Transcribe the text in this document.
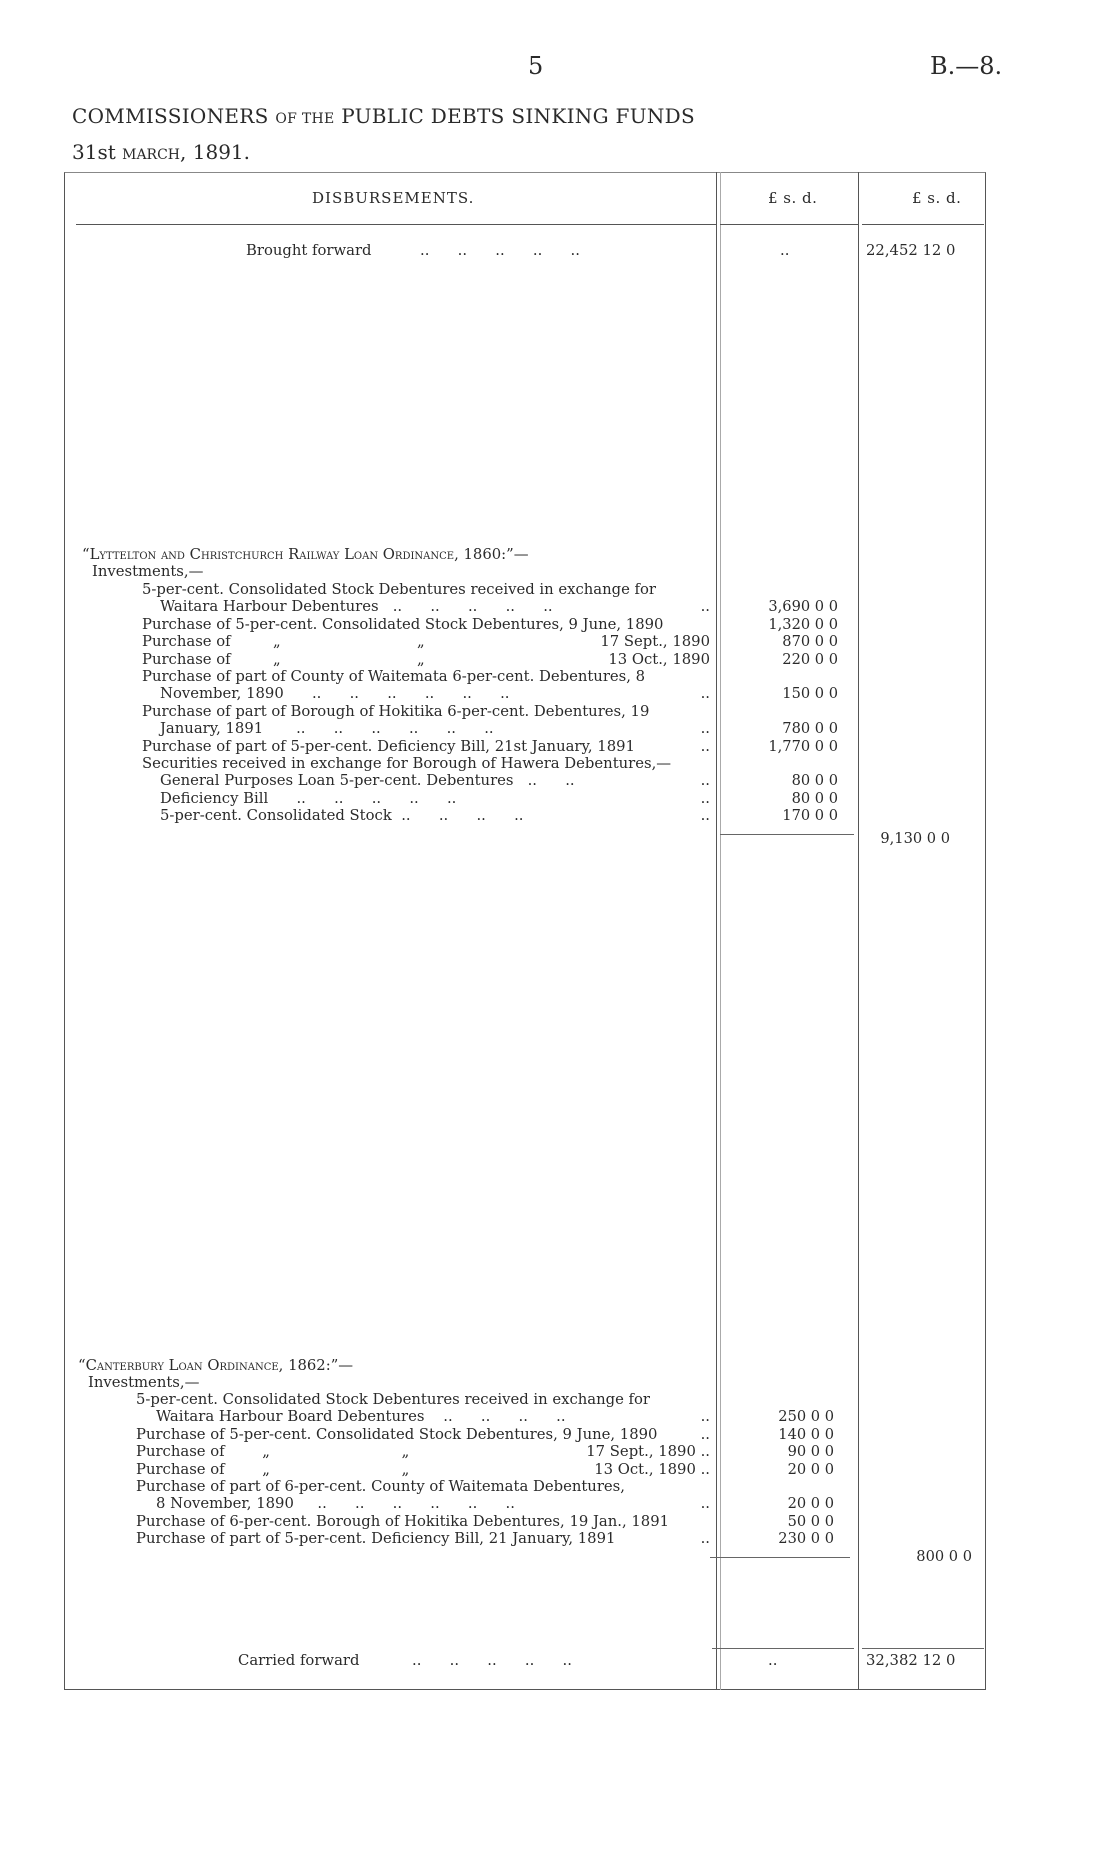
5	B.—8.
COMMISSIONERS OF THE PUBLIC DEBTS SINKING FUNDS
31st MARCH, 1891.
DISBURSEMENTS.	£ s. d.	£ s. d.
Brought forward	..      ..      ..      ..      ..	..	22,452 12 0
“Lyttelton and Christchurch Railway Loan Ordinance, 1860:”—
Investments,—
5-per-cent. Consolidated Stock Debentures received in exchange for
Waitara Harbour Debentures   ..      ..      ..      ..      ..	..	3,690 0 0
Purchase of 5-per-cent. Consolidated Stock Debentures, 9 June, 1890	1,320 0 0
Purchase of         „                             „	17 Sept., 1890	870 0 0
Purchase of         „                             „	13 Oct., 1890	220 0 0
Purchase of part of County of Waitemata 6-per-cent. Debentures, 8
November, 1890      ..      ..      ..      ..      ..      ..	..	150 0 0
Purchase of part of Borough of Hokitika 6-per-cent. Debentures, 19
January, 1891       ..      ..      ..      ..      ..      ..	..	780 0 0
Purchase of part of 5-per-cent. Deficiency Bill, 21st January, 1891	..	1,770 0 0
Securities received in exchange for Borough of Hawera Debentures,—
General Purposes Loan 5-per-cent. Debentures   ..      ..	..	80 0 0
Deficiency Bill      ..      ..      ..      ..      ..	..	80 0 0
5-per-cent. Consolidated Stock  ..      ..      ..      ..	..	170 0 0
9,130 0 0
“Canterbury Loan Ordinance, 1862:”—
Investments,—
5-per-cent. Consolidated Stock Debentures received in exchange for
Waitara Harbour Board Debentures    ..      ..      ..      ..	..	250 0 0
Purchase of 5-per-cent. Consolidated Stock Debentures, 9 June, 1890	..	140 0 0
Purchase of        „                            „	17 Sept., 1890 ..	90 0 0
Purchase of        „                            „	13 Oct., 1890 ..	20 0 0
Purchase of part of 6-per-cent. County of Waitemata Debentures,
8 November, 1890     ..      ..      ..      ..      ..      ..	..	20 0 0
Purchase of 6-per-cent. Borough of Hokitika Debentures, 19 Jan., 1891	50 0 0
Purchase of part of 5-per-cent. Deficiency Bill, 21 January, 1891	..	230 0 0
800 0 0
Carried forward	..      ..      ..      ..      ..	..	32,382 12 0
